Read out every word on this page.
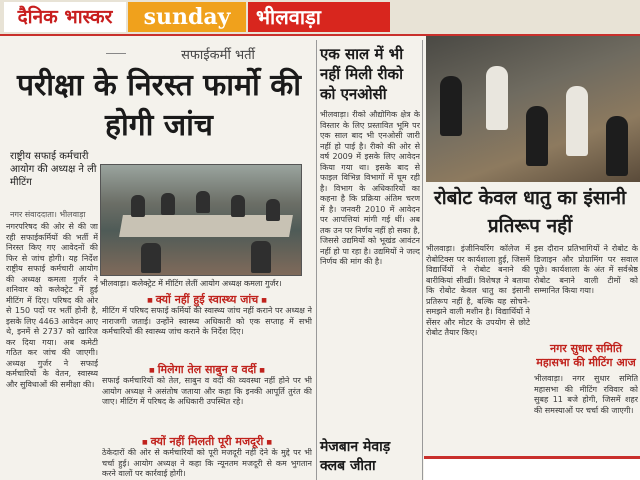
दैनिक भास्कर	sunday	भीलवाड़ा
सफाईकर्मी भर्ती
परीक्षा के निरस्त फार्मो की होगी जांच
राष्ट्रीय सफाई कर्मचारी आयोग की अध्यक्ष ने ली मीटिंग
नगर संवाददाता। भीलवाड़ा
भीलवाड़ा। कलेक्ट्रेट में मीटिंग लेतीं आयोग अध्यक्ष कमला गुर्जर।
नगरपरिषद की ओर से की जा रही सफाईकर्मियों की भर्ती में निरस्त किए गए आवेदनों की फिर से जांच होगी। यह निर्देश राष्ट्रीय सफाई कर्मचारी आयोग की अध्यक्ष कमला गुर्जर ने शनिवार को कलेक्ट्रेट में हुई मीटिंग में दिए। परिषद की ओर से 150 पदों पर भर्ती होनी है, इसके लिए 4463 आवेदन आए थे, इनमें से 2737 को खारिज कर दिया गया। अब कमेटी गठित कर जांच की जाएगी। अध्यक्ष गुर्जर ने सफाई कर्मचारियों के वेतन, स्वास्थ्य और सुविधाओं की समीक्षा की।
■ क्यों नहीं हुई स्वास्थ्य जांच ■
मीटिंग में परिषद सफाई कर्मियों की स्वास्थ्य जांच नहीं कराने पर अध्यक्ष ने नाराजगी जताई। उन्होंने स्वास्थ्य अधिकारी को एक सप्ताह में सभी कर्मचारियों की स्वास्थ्य जांच कराने के निर्देश दिए।
■ मिलेगा तेल साबुन व वर्दी ■
सफाई कर्मचारियों को तेल, साबुन व वर्दी की व्यवस्था नहीं होने पर भी आयोग अध्यक्ष ने असंतोष जताया और कहा कि इनकी आपूर्ति तुरंत की जाए। मीटिंग में परिषद के अधिकारी उपस्थित रहे।
■ क्यों नहीं मिलती पूरी मजदूरी ■
ठेकेदारों की ओर से कर्मचारियों को पूरी मजदूरी नहीं देने के मुद्दे पर भी चर्चा हुई। आयोग अध्यक्ष ने कहा कि न्यूनतम मजदूरी से कम भुगतान करने वालों पर कार्रवाई होगी।
एक साल में भी नहीं मिली रीको को एनओसी
भीलवाड़ा। रीको औद्योगिक क्षेत्र के विस्तार के लिए प्रस्तावित भूमि पर एक साल बाद भी एनओसी जारी नहीं हो पाई है। रीको की ओर से वर्ष 2009 में इसके लिए आवेदन किया गया था। इसके बाद से फाइल विभिन्न विभागों में घूम रही है। विभाग के अधिकारियों का कहना है कि प्रक्रिया अंतिम चरण में है। जनवरी 2010 में आवेदन पर आपत्तियां मांगी गई थीं। अब तक उन पर निर्णय नहीं हो सका है, जिससे उद्यमियों को भूखंड आवंटन नहीं हो पा रहा है। उद्यमियों ने जल्द निर्णय की मांग की है।
रोबोट केवल धातु का इंसानी प्रतिरूप नहीं
भीलवाड़ा। इंजीनियरिंग कॉलेज में रोबोटिक्स पर कार्यशाला हुई, जिसमें विद्यार्थियों ने रोबोट बनाने की बारीकियां सीखीं। विशेषज्ञ ने बताया कि रोबोट केवल धातु का इंसानी प्रतिरूप नहीं है, बल्कि यह सोचने-समझने वाली मशीन है। विद्यार्थियों ने सेंसर और मोटर के उपयोग से छोटे रोबोट तैयार किए।
इस दौरान प्रतिभागियों ने रोबोट के डिजाइन और प्रोग्रामिंग पर सवाल पूछे। कार्यशाला के अंत में सर्वश्रेष्ठ रोबोट बनाने वाली टीमों को सम्मानित किया गया।
नगर सुधार समिति महासभा की मीटिंग आज
भीलवाड़ा। नगर सुधार समिति महासभा की मीटिंग रविवार को सुबह 11 बजे होगी, जिसमें शहर की समस्याओं पर चर्चा की जाएगी।
मेजबान मेवाड़ क्लब जीता
